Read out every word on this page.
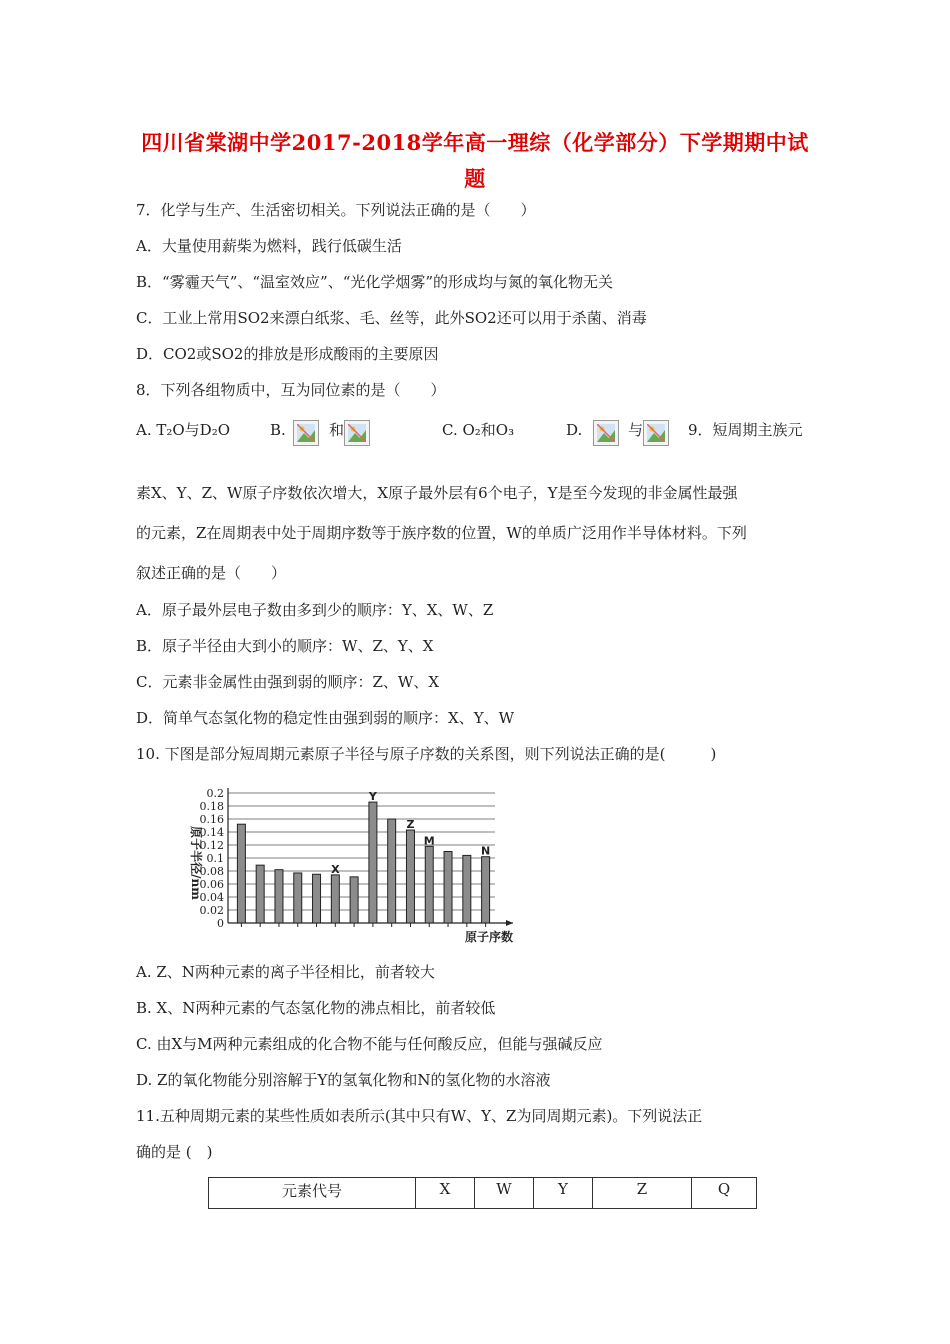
四川省棠湖中学2017-2018学年高一理综（化学部分）下学期期中试
题
7．化学与生产、生活密切相关。下列说法正确的是（　　）
A．大量使用薪柴为燃料，践行低碳生活
B．“雾霾天气”、“温室效应”、“光化学烟雾”的形成均与氮的氧化物无关
C．工业上常用SO2来漂白纸浆、毛、丝等，此外SO2还可以用于杀菌、消毒
D．CO2或SO2的排放是形成酸雨的主要原因
8．下列各组物质中，互为同位素的是（　　）
A. T₂O与D₂O	B.	和	C. O₂和O₃	D.	与	9．短周期主族元
素X、Y、Z、W原子序数依次增大，X原子最外层有6个电子，Y是至今发现的非金属性最强
的元素，Z在周期表中处于周期序数等于族序数的位置，W的单质广泛用作半导体材料。下列
叙述正确的是（　　）
A．原子最外层电子数由多到少的顺序：Y、X、W、Z
B．原子半径由大到小的顺序：W、Z、Y、X
C．元素非金属性由强到弱的顺序：Z、W、X
D．简单气态氢化物的稳定性由强到弱的顺序：X、Y、W
10. 下图是部分短周期元素原子半径与原子序数的关系图，则下列说法正确的是(　　　)
0
0.02
0.04
0.06
0.08
0.1
0.12
0.14
0.16
0.18
0.2
原子半径/nm
原子序数
X
Y
Z
M
N
A. Z、N两种元素的离子半径相比，前者较大
B. X、N两种元素的气态氢化物的沸点相比，前者较低
C. 由X与M两种元素组成的化合物不能与任何酸反应，但能与强碱反应
D. Z的氧化物能分别溶解于Y的氢氧化物和N的氢化物的水溶液
11.五种周期元素的某些性质如表所示(其中只有W、Y、Z为同周期元素)。下列说法正
确的是 (　)
元素代号	X	W	Y	Z	Q
